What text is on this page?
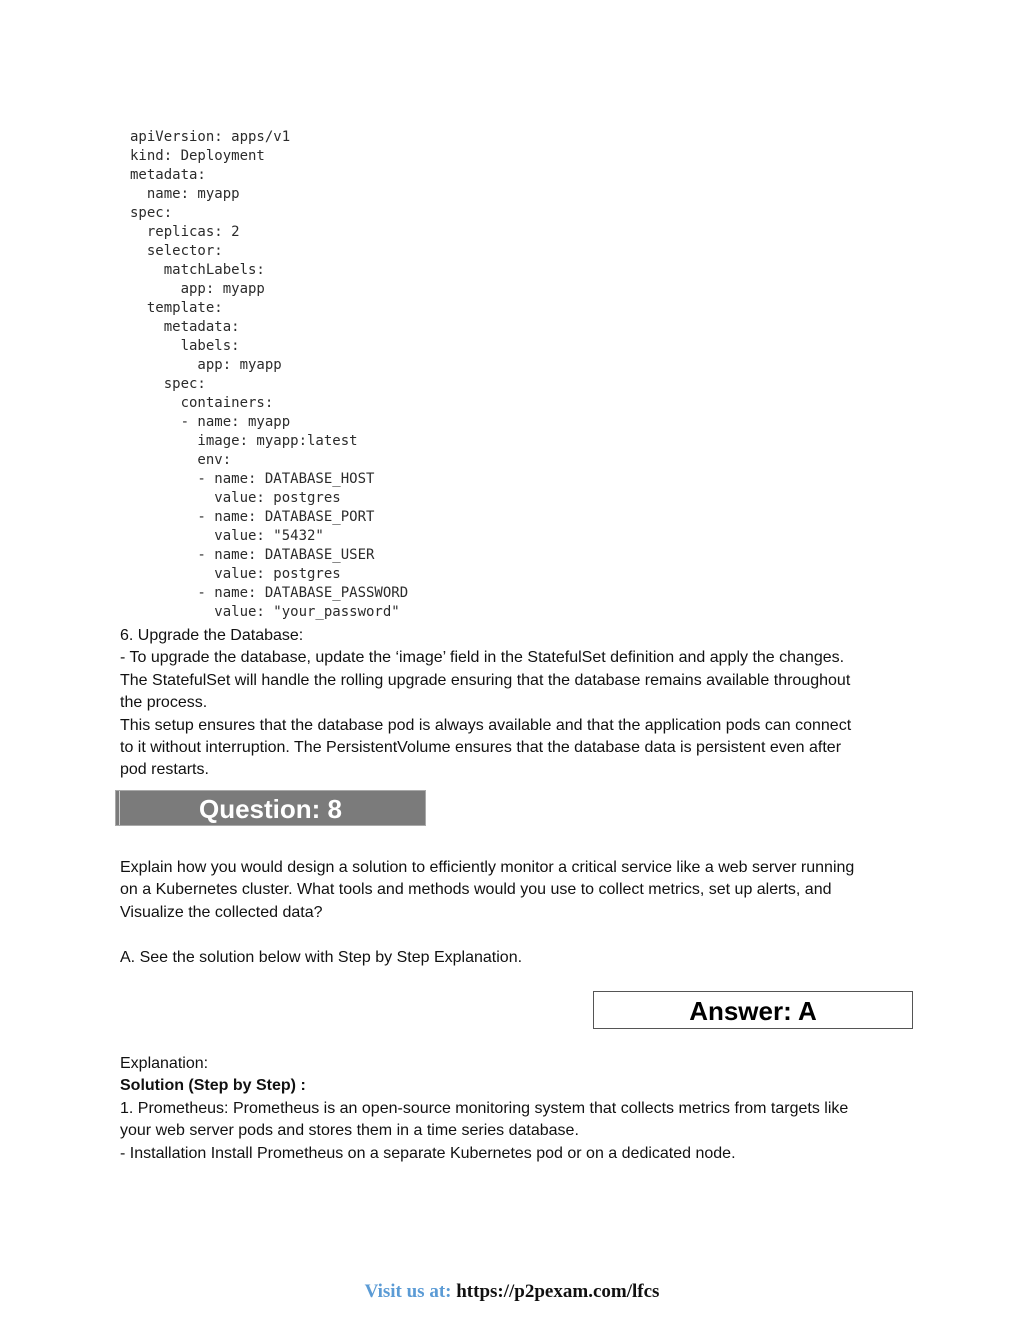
apiVersion: apps/v1
kind: Deployment
metadata:
name: myapp
spec:
replicas: 2
selector:
matchLabels:
app: myapp
template:
metadata:
labels:
app: myapp
spec:
containers:
- name: myapp
image: myapp:latest
env:
- name: DATABASE_HOST
value: postgres
- name: DATABASE_PORT
value: "5432"
- name: DATABASE_USER
value: postgres
- name: DATABASE_PASSWORD
value: "your_password"
6. Upgrade the Database:
- To upgrade the database, update the ‘image’ field in the StatefulSet definition and apply the changes.
The StatefulSet will handle the rolling upgrade ensuring that the database remains available throughout
the process.
This setup ensures that the database pod is always available and that the application pods can connect
to it without interruption. The PersistentVolume ensures that the database data is persistent even after
pod restarts.
Question: 8
Explain how you would design a solution to efficiently monitor a critical service like a web server running
on a Kubernetes cluster. What tools and methods would you use to collect metrics, set up alerts, and
Visualize the collected data?
A. See the solution below with Step by Step Explanation.
Answer: A
Explanation:
Solution (Step by Step) :
1. Prometheus: Prometheus is an open-source monitoring system that collects metrics from targets like
your web server pods and stores them in a time series database.
- Installation Install Prometheus on a separate Kubernetes pod or on a dedicated node.
Visit us at: https://p2pexam.com/lfcs
